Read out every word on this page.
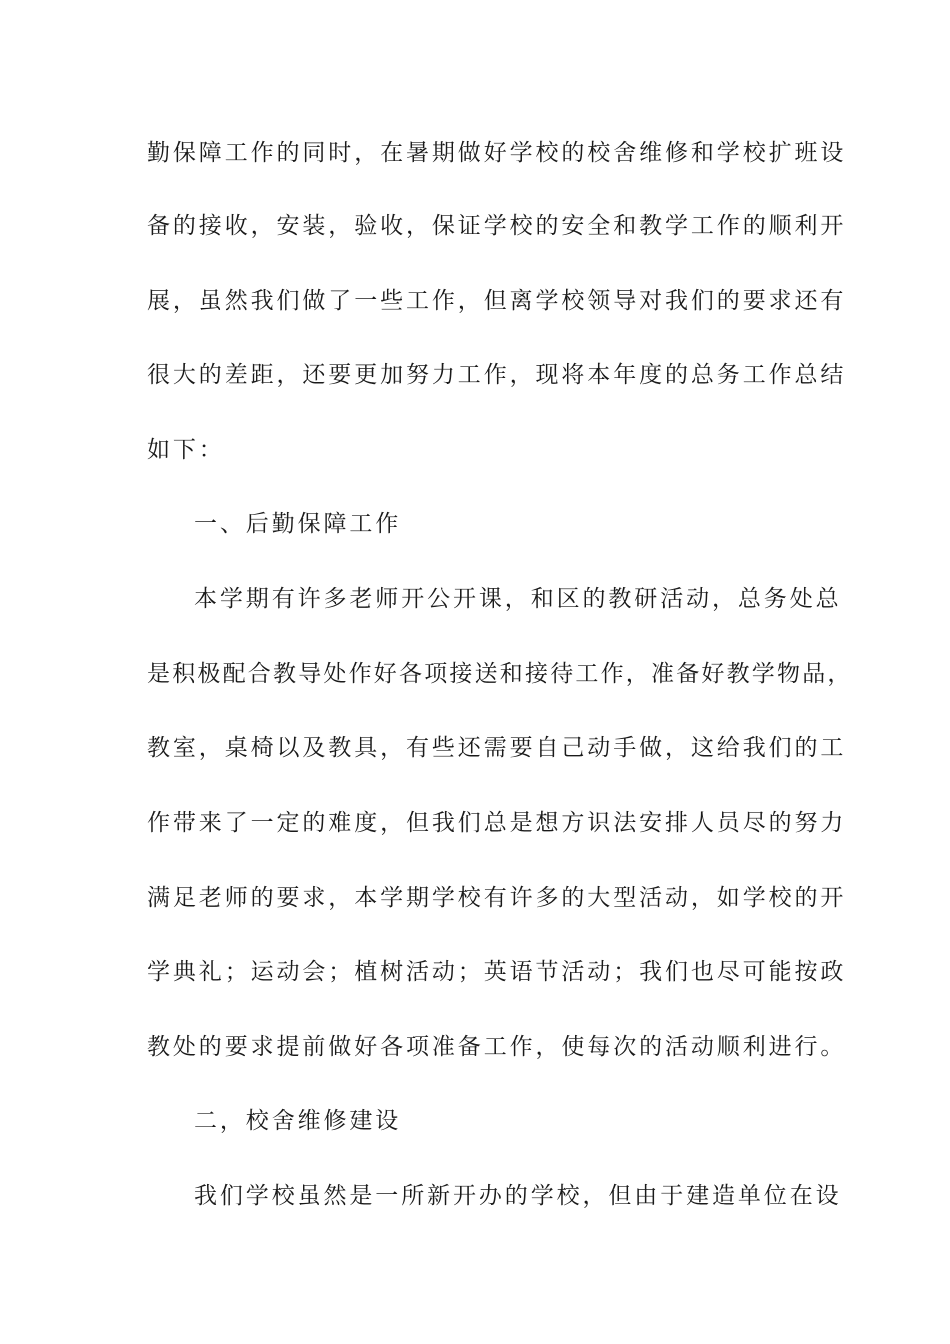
勤保障工作的同时，在暑期做好学校的校舍维修和学校扩班设
备的接收，安装，验收，保证学校的安全和教学工作的顺利开
展，虽然我们做了一些工作，但离学校领导对我们的要求还有
很大的差距，还要更加努力工作，现将本年度的总务工作总结
如下：
一、后勤保障工作
本学期有许多老师开公开课，和区的教研活动，总务处总
是积极配合教导处作好各项接送和接待工作，准备好教学物品，
教室，桌椅以及教具，有些还需要自己动手做，这给我们的工
作带来了一定的难度，但我们总是想方识法安排人员尽的努力
满足老师的要求，本学期学校有许多的大型活动，如学校的开
学典礼；运动会；植树活动；英语节活动；我们也尽可能按政
教处的要求提前做好各项准备工作，使每次的活动顺利进行。
二，校舍维修建设
我们学校虽然是一所新开办的学校，但由于建造单位在设
